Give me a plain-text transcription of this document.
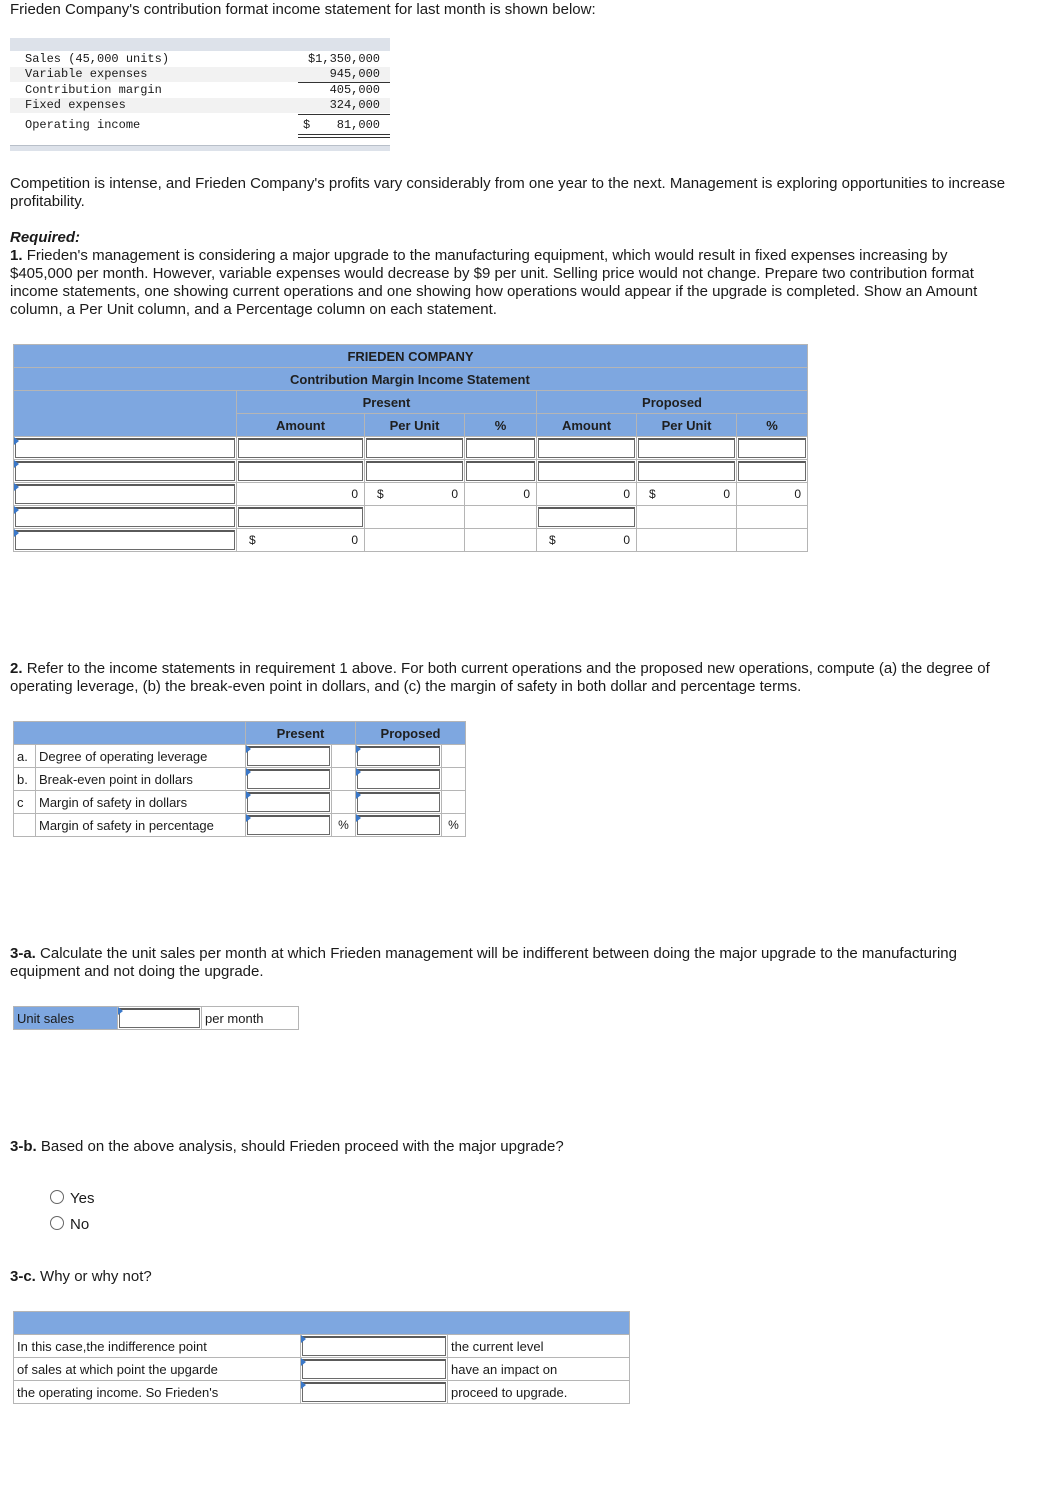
Frieden Company's contribution format income statement for last month is shown below:
Sales (45,000 units)	$1,350,000
Variable expenses	945,000
Contribution margin	405,000
Fixed expenses	324,000
Operating income	$ 81,000
Competition is intense, and Frieden Company's profits vary considerably from one year to the next. Management is exploring opportunities to increase profitability.
Required:
1. Frieden's management is considering a major upgrade to the manufacturing equipment, which would result in fixed expenses increasing by $405,000 per month. However, variable expenses would decrease by $9 per unit. Selling price would not change. Prepare two contribution format income statements, one showing current operations and one showing how operations would appear if the upgrade is completed. Show an Amount column, a Per Unit column, and a Percentage column on each statement.
FRIEDEN COMPANY						
Contribution Margin Income Statement						
	Present			Proposed		
	Amount	Per Unit	%	Amount	Per Unit	%

	0	$ 0	0	0	$ 0	0

	$ 0			$ 0		

2. Refer to the income statements in requirement 1 above. For both current operations and the proposed new operations, compute (a) the degree of operating leverage, (b) the break-even point in dollars, and (c) the margin of safety in both dollar and percentage terms.
		Present		Proposed	
a.	Degree of operating leverage	

b.	Break-even point in dollars	

c	Margin of safety in dollars	

	Margin of safety in percentage		%		%
3-a. Calculate the unit sales per month at which Frieden management will be indifferent between doing the major upgrade to the manufacturing equipment and not doing the upgrade.
Unit sales		per month
3-b. Based on the above analysis, should Frieden proceed with the major upgrade?
Yes
No
3-c. Why or why not?

In this case,the indifference point		the current level
of sales at which point the upgarde		have an impact on
the operating income. So Frieden's		proceed to upgrade.
